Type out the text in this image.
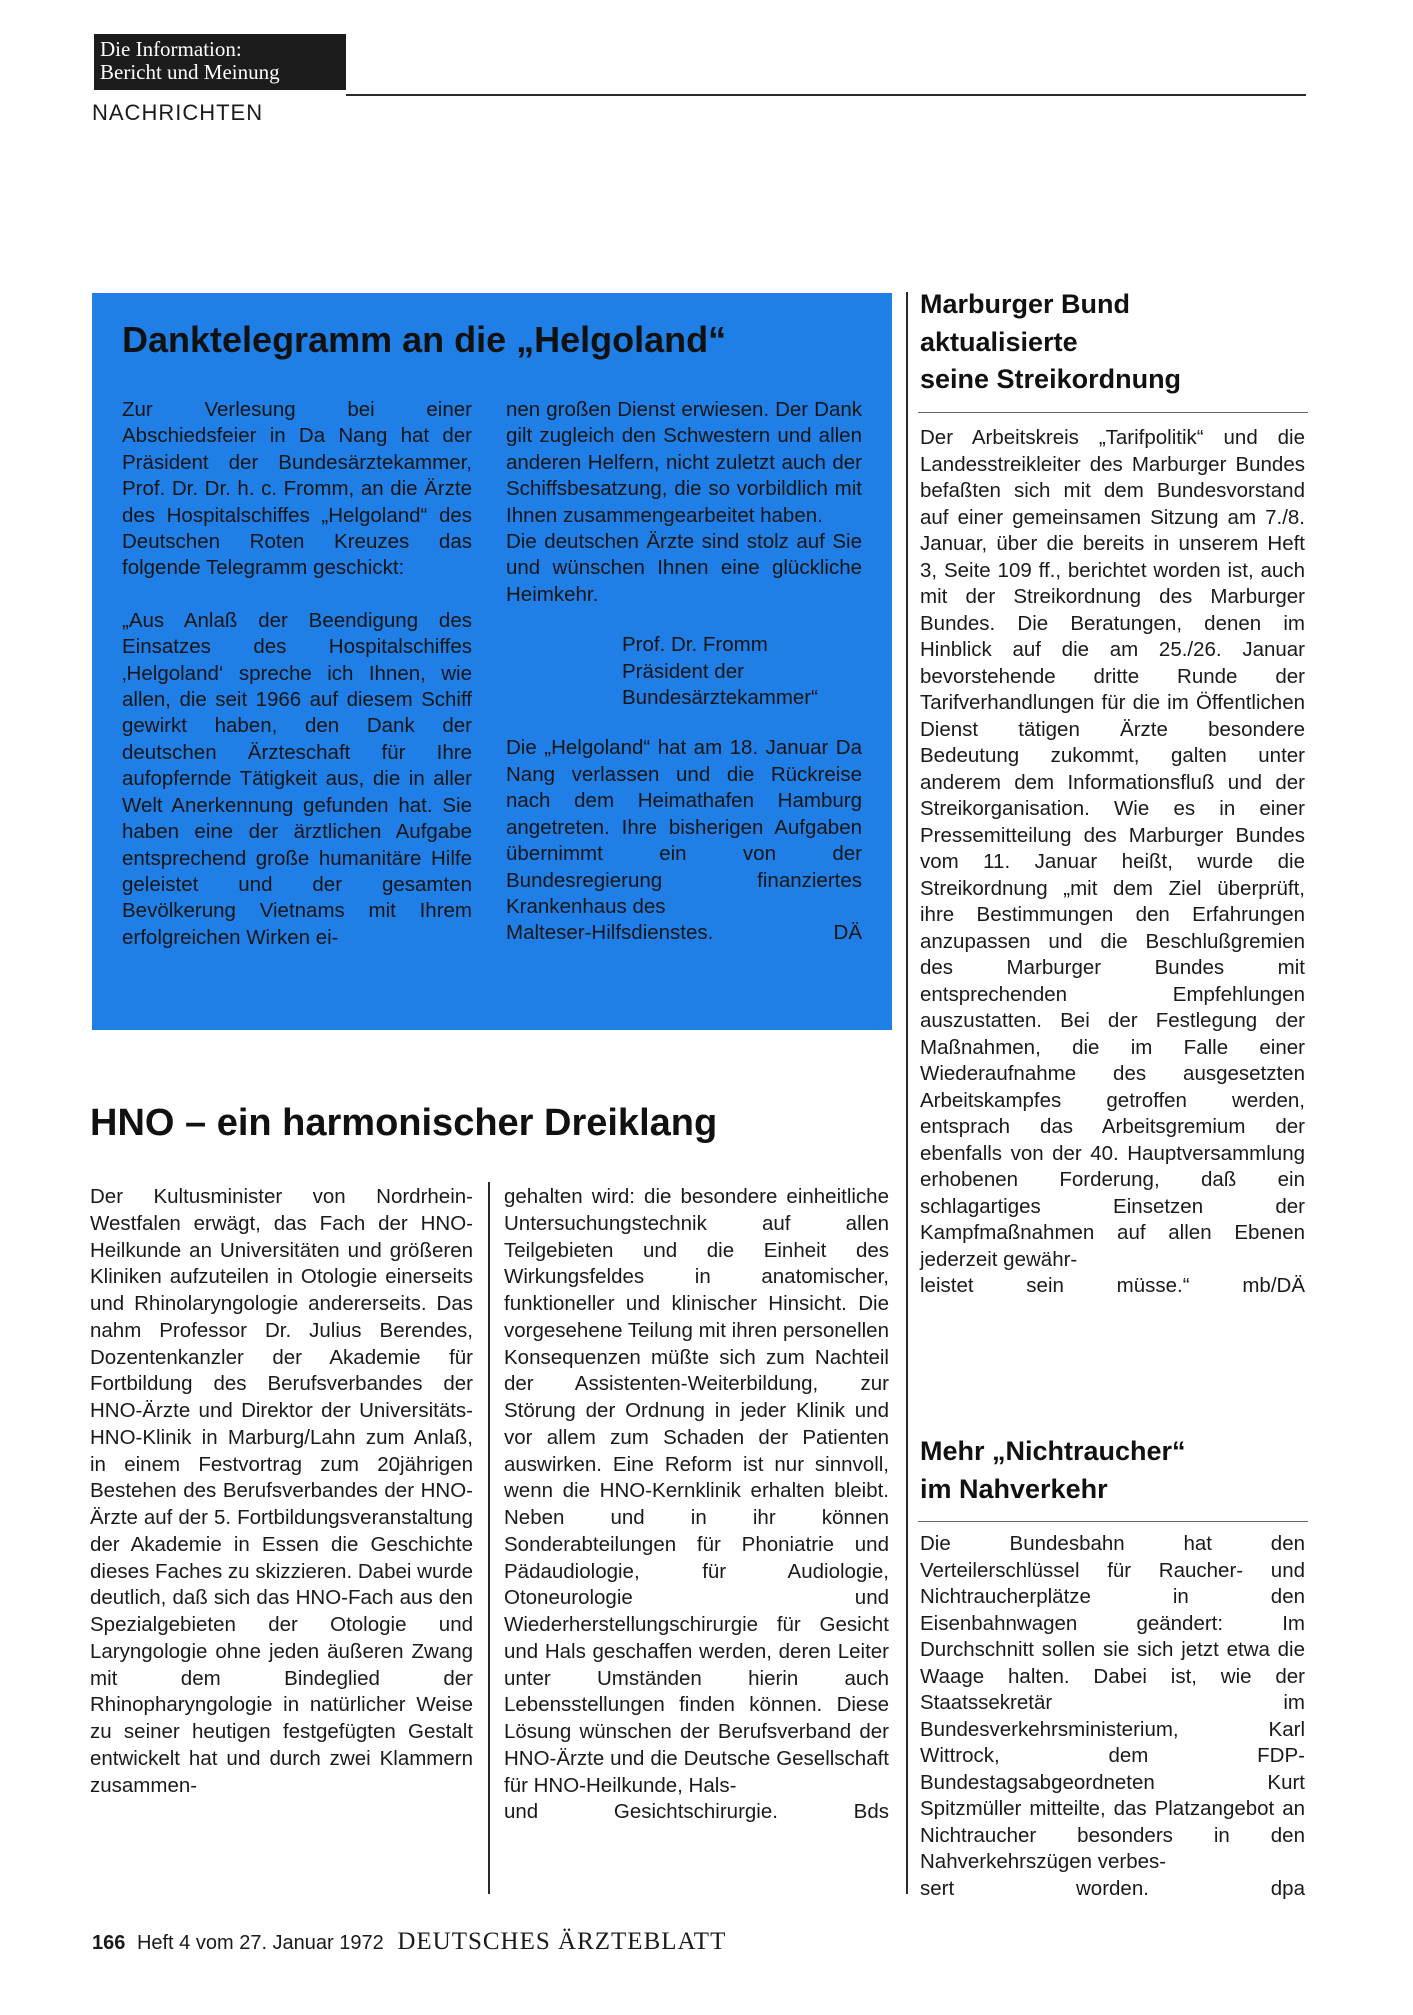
Die Information:
Bericht und Meinung
NACHRICHTEN
Danktelegramm an die „Helgoland“

Zur Verlesung bei einer Abschiedsfeier in Da Nang hat der Präsident der Bundesärztekammer, Prof. Dr. Dr. h. c. Fromm, an die Ärzte des Hospitalschiffes „Helgoland“ des Deutschen Roten Kreuzes das folgende Telegramm geschickt:

„Aus Anlaß der Beendigung des Einsatzes des Hospitalschiffes ‚Helgoland‘ spreche ich Ihnen, wie allen, die seit 1966 auf diesem Schiff gewirkt haben, den Dank der deutschen Ärzteschaft für Ihre aufopfernde Tätigkeit aus, die in aller Welt Anerkennung gefunden hat. Sie haben eine der ärztlichen Aufgabe entsprechend große humanitäre Hilfe geleistet und der gesamten Bevölkerung Vietnams mit Ihrem erfolgreichen Wirken ei-

nen großen Dienst erwiesen. Der Dank gilt zugleich den Schwestern und allen anderen Helfern, nicht zuletzt auch der Schiffsbesatzung, die so vorbildlich mit Ihnen zusammengearbeitet haben.

Die deutschen Ärzte sind stolz auf Sie und wünschen Ihnen eine glückliche Heimkehr.

Prof. Dr. Fromm
Präsident der
Bundesärztekammer“

Die „Helgoland“ hat am 18. Januar Da Nang verlassen und die Rückreise nach dem Heimathafen Hamburg angetreten. Ihre bisherigen Aufgaben übernimmt ein von der Bundesregierung finanziertes Krankenhaus des

Malteser-Hilfsdienstes.	DÄ
HNO – ein harmonischer Dreiklang
Der Kultusminister von Nordrhein-Westfalen erwägt, das Fach der HNO-Heilkunde an Universitäten und größeren Kliniken aufzuteilen in Otologie einerseits und Rhinolaryngologie andererseits. Das nahm Professor Dr. Julius Berendes, Dozentenkanzler der Akademie für Fortbildung des Berufsverbandes der HNO-Ärzte und Direktor der Universitäts-HNO-Klinik in Marburg/Lahn zum Anlaß, in einem Festvortrag zum 20jährigen Bestehen des Berufsverbandes der HNO-Ärzte auf der 5. Fortbildungsveranstaltung der Akademie in Essen die Geschichte dieses Faches zu skizzieren. Dabei wurde deutlich, daß sich das HNO-Fach aus den Spezialgebieten der Otologie und Laryngologie ohne jeden äußeren Zwang mit dem Bindeglied der Rhinopharyngologie in natürlicher Weise zu seiner heutigen festgefügten Gestalt entwickelt hat und durch zwei Klammern zusammen-
gehalten wird: die besondere einheitliche Untersuchungstechnik auf allen Teilgebieten und die Einheit des Wirkungsfeldes in anatomischer, funktioneller und klinischer Hinsicht. Die vorgesehene Teilung mit ihren personellen Konsequenzen müßte sich zum Nachteil der Assistenten-Weiterbildung, zur Störung der Ordnung in jeder Klinik und vor allem zum Schaden der Patienten auswirken. Eine Reform ist nur sinnvoll, wenn die HNO-Kernklinik erhalten bleibt. Neben und in ihr können Sonderabteilungen für Phoniatrie und Pädaudiologie, für Audiologie, Otoneurologie und Wiederherstellungschirurgie für Gesicht und Hals geschaffen werden, deren Leiter unter Umständen hierin auch Lebensstellungen finden können. Diese Lösung wünschen der Berufsverband der HNO-Ärzte und die Deutsche Gesellschaft für HNO-Heilkunde, Hals-
und Gesichtschirurgie.	Bds
Marburger Bund
aktualisierte
seine Streikordnung
Der Arbeitskreis „Tarifpolitik“ und die Landesstreikleiter des Marburger Bundes befaßten sich mit dem Bundesvorstand auf einer gemeinsamen Sitzung am 7./8. Januar, über die bereits in unserem Heft 3, Seite 109 ff., berichtet worden ist, auch mit der Streikordnung des Marburger Bundes. Die Beratungen, denen im Hinblick auf die am 25./26. Januar bevorstehende dritte Runde der Tarifverhandlungen für die im Öffentlichen Dienst tätigen Ärzte besondere Bedeutung zukommt, galten unter anderem dem Informationsfluß und der Streikorganisation. Wie es in einer Pressemitteilung des Marburger Bundes vom 11. Januar heißt, wurde die Streikordnung „mit dem Ziel überprüft, ihre Bestimmungen den Erfahrungen anzupassen und die Beschlußgremien des Marburger Bundes mit entsprechenden Empfehlungen auszustatten. Bei der Festlegung der Maßnahmen, die im Falle einer Wiederaufnahme des ausgesetzten Arbeitskampfes getroffen werden, entsprach das Arbeitsgremium der ebenfalls von der 40. Hauptversammlung erhobenen Forderung, daß ein schlagartiges Einsetzen der Kampfmaßnahmen auf allen Ebenen jederzeit gewähr-
leistet sein müsse.“	mb/DÄ
Mehr „Nichtraucher“
im Nahverkehr
Die Bundesbahn hat den Verteilerschlüssel für Raucher- und Nichtraucherplätze in den Eisenbahnwagen geändert: Im Durchschnitt sollen sie sich jetzt etwa die Waage halten. Dabei ist, wie der Staatssekretär im Bundesverkehrsministerium, Karl Wittrock, dem FDP-Bundestagsabgeordneten Kurt Spitzmüller mitteilte, das Platzangebot an Nichtraucher besonders in den Nahverkehrszügen verbes-
sert worden.	dpa
166 Heft 4 vom 27. Januar 1972 DEUTSCHES ÄRZTEBLATT
